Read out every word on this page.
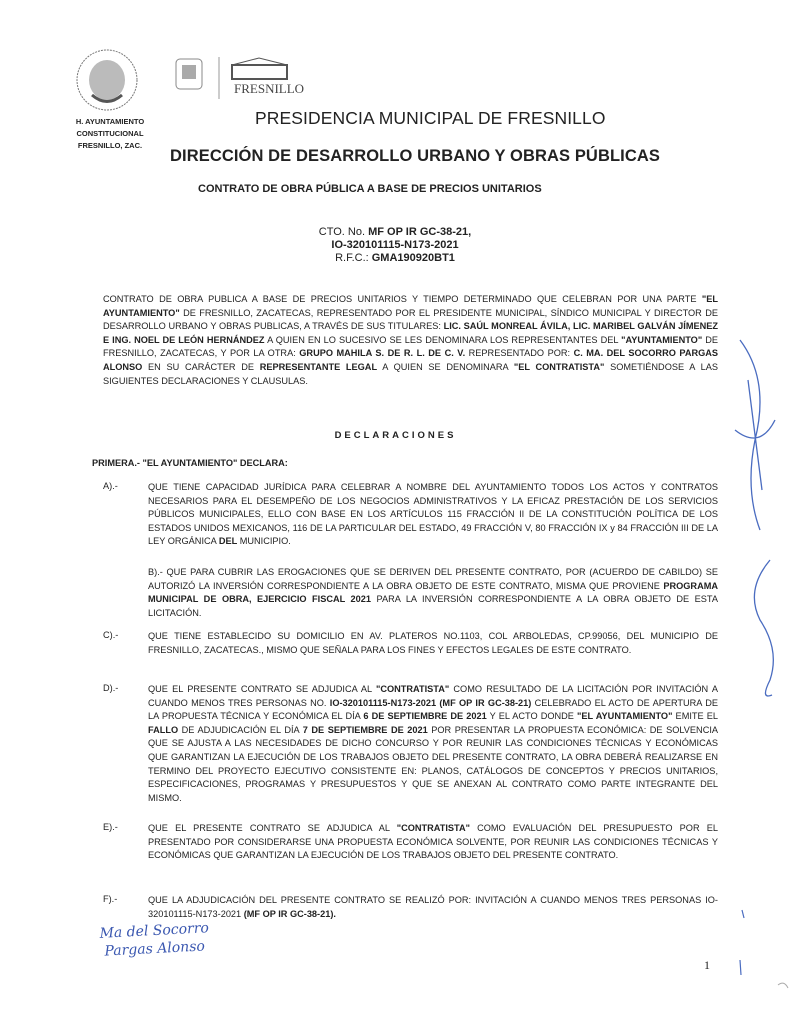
H. AYUNTAMIENTO
CONSTITUCIONAL
FRESNILLO, ZAC.
FRESNILLO
PRESIDENCIA MUNICIPAL DE FRESNILLO
DIRECCIÓN DE DESARROLLO URBANO Y OBRAS PÚBLICAS
CONTRATO DE OBRA PÚBLICA A BASE DE PRECIOS UNITARIOS
CTO. No. MF OP IR GC-38-21,
IO-320101115-N173-2021
R.F.C.: GMA190920BT1
CONTRATO DE OBRA PUBLICA A BASE DE PRECIOS UNITARIOS Y TIEMPO DETERMINADO QUE CELEBRAN POR UNA PARTE "EL AYUNTAMIENTO" DE FRESNILLO, ZACATECAS, REPRESENTADO POR EL PRESIDENTE MUNICIPAL, SÍNDICO MUNICIPAL Y DIRECTOR DE DESARROLLO URBANO Y OBRAS PUBLICAS, A TRAVÉS DE SUS TITULARES: LIC. SAÚL MONREAL ÁVILA, LIC. MARIBEL GALVÁN JÍMENEZ E ING. NOEL DE LEÓN HERNÁNDEZ A QUIEN EN LO SUCESIVO SE LES DENOMINARA LOS REPRESENTANTES DEL "AYUNTAMIENTO" DE FRESNILLO, ZACATECAS, Y POR LA OTRA: GRUPO MAHILA S. DE R. L. DE C. V. REPRESENTADO POR: C. MA. DEL SOCORRO PARGAS ALONSO EN SU CARÁCTER DE REPRESENTANTE LEGAL A QUIEN SE DENOMINARA "EL CONTRATISTA" SOMETIÉNDOSE A LAS SIGUIENTES DECLARACIONES Y CLAUSULAS.
DECLARACIONES
PRIMERA.- "EL AYUNTAMIENTO" DECLARA:
A).-	QUE TIENE CAPACIDAD JURÍDICA PARA CELEBRAR A NOMBRE DEL AYUNTAMIENTO TODOS LOS ACTOS Y CONTRATOS NECESARIOS PARA EL DESEMPEÑO DE LOS NEGOCIOS ADMINISTRATIVOS Y LA EFICAZ PRESTACIÓN DE LOS SERVICIOS PÚBLICOS MUNICIPALES, ELLO CON BASE EN LOS ARTÍCULOS 115 FRACCIÓN II DE LA CONSTITUCIÓN POLÍTICA DE LOS ESTADOS UNIDOS MEXICANOS, 116 DE LA PARTICULAR DEL ESTADO, 49 FRACCIÓN V, 80 FRACCIÓN IX y 84 FRACCIÓN III DE LA LEY ORGÁNICA DEL MUNICIPIO.
B).- QUE PARA CUBRIR LAS EROGACIONES QUE SE DERIVEN DEL PRESENTE CONTRATO, POR (ACUERDO DE CABILDO) SE AUTORIZÓ LA INVERSIÓN CORRESPONDIENTE A LA OBRA OBJETO DE ESTE CONTRATO, MISMA QUE PROVIENE PROGRAMA MUNICIPAL DE OBRA, EJERCICIO FISCAL 2021 PARA LA INVERSIÓN CORRESPONDIENTE A LA OBRA OBJETO DE ESTA LICITACIÓN.
C).-	QUE TIENE ESTABLECIDO SU DOMICILIO EN AV. PLATEROS NO.1103, COL ARBOLEDAS, CP.99056, DEL MUNICIPIO DE FRESNILLO, ZACATECAS., MISMO QUE SEÑALA PARA LOS FINES Y EFECTOS LEGALES DE ESTE CONTRATO.
D).-	QUE EL PRESENTE CONTRATO SE ADJUDICA AL "CONTRATISTA" COMO RESULTADO DE LA LICITACIÓN POR INVITACIÓN A CUANDO MENOS TRES PERSONAS NO. IO-320101115-N173-2021 (MF OP IR GC-38-21) CELEBRADO EL ACTO DE APERTURA DE LA PROPUESTA TÉCNICA Y ECONÓMICA EL DÍA 6 DE SEPTIEMBRE DE 2021 Y EL ACTO DONDE "EL AYUNTAMIENTO" EMITE EL FALLO DE ADJUDICACIÓN EL DÍA 7 DE SEPTIEMBRE DE 2021 POR PRESENTAR LA PROPUESTA ECONÓMICA: DE SOLVENCIA QUE SE AJUSTA A LAS NECESIDADES DE DICHO CONCURSO Y POR REUNIR LAS CONDICIONES TÉCNICAS Y ECONÓMICAS QUE GARANTIZAN LA EJECUCIÓN DE LOS TRABAJOS OBJETO DEL PRESENTE CONTRATO, LA OBRA DEBERÁ REALIZARSE EN TERMINO DEL PROYECTO EJECUTIVO CONSISTENTE EN: PLANOS, CATÁLOGOS DE CONCEPTOS Y PRECIOS UNITARIOS, ESPECIFICACIONES, PROGRAMAS Y PRESUPUESTOS Y QUE SE ANEXAN AL CONTRATO COMO PARTE INTEGRANTE DEL MISMO.
E).-	QUE EL PRESENTE CONTRATO SE ADJUDICA AL "CONTRATISTA" COMO EVALUACIÓN DEL PRESUPUESTO POR EL PRESENTADO POR CONSIDERARSE UNA PROPUESTA ECONÓMICA SOLVENTE, POR REUNIR LAS CONDICIONES TÉCNICAS Y ECONÓMICAS QUE GARANTIZAN LA EJECUCIÓN DE LOS TRABAJOS OBJETO DEL PRESENTE CONTRATO.
F).-	QUE LA ADJUDICACIÓN DEL PRESENTE CONTRATO SE REALIZÓ POR: INVITACIÓN A CUANDO MENOS TRES PERSONAS IO-320101115-N173-2021 (MF OP IR GC-38-21).
Ma del Socorro
Pargas Alonso
1
